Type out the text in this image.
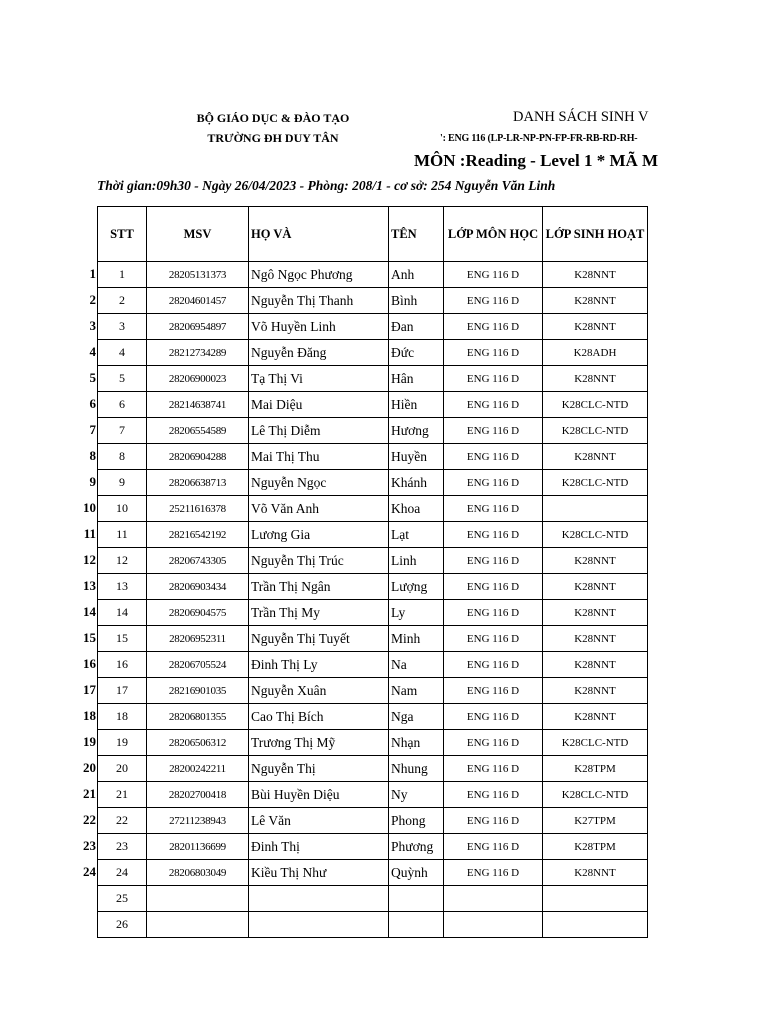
BỘ GIÁO DỤC & ĐÀO TẠO
TRƯỜNG ĐH DUY TÂN
DANH SÁCH SINH V
': ENG 116 (LP-LR-NP-PN-FP-FR-RB-RD-RH-
MÔN :Reading - Level 1 * MÃ M
Thời gian:09h30 - Ngày 26/04/2023 - Phòng: 208/1 - cơ sở: 254 Nguyễn Văn Linh
1
2
3
4
5
6
7
8
9
10
11
12
13
14
15
16
17
18
19
20
21
22
23
24
STT	MSV	HỌ VÀ	TÊN	LỚP MÔN HỌC	LỚP SINH HOẠT
1	28205131373	Ngô Ngọc Phương	Anh	ENG 116 D	K28NNT
2	28204601457	Nguyễn Thị Thanh	Bình	ENG 116 D	K28NNT
3	28206954897	Võ Huyền Linh	Đan	ENG 116 D	K28NNT
4	28212734289	Nguyễn Đăng	Đức	ENG 116 D	K28ADH
5	28206900023	Tạ Thị Vi	Hân	ENG 116 D	K28NNT
6	28214638741	Mai Diệu	Hiền	ENG 116 D	K28CLC-NTD
7	28206554589	Lê Thị Diễm	Hương	ENG 116 D	K28CLC-NTD
8	28206904288	Mai Thị Thu	Huyền	ENG 116 D	K28NNT
9	28206638713	Nguyễn Ngọc	Khánh	ENG 116 D	K28CLC-NTD
10	25211616378	Võ Văn Anh	Khoa	ENG 116 D	
11	28216542192	Lương Gia	Lạt	ENG 116 D	K28CLC-NTD
12	28206743305	Nguyễn Thị Trúc	Linh	ENG 116 D	K28NNT
13	28206903434	Trần Thị Ngân	Lượng	ENG 116 D	K28NNT
14	28206904575	Trần Thị My	Ly	ENG 116 D	K28NNT
15	28206952311	Nguyễn Thị Tuyết	Minh	ENG 116 D	K28NNT
16	28206705524	Đinh Thị Ly	Na	ENG 116 D	K28NNT
17	28216901035	Nguyễn Xuân	Nam	ENG 116 D	K28NNT
18	28206801355	Cao Thị Bích	Nga	ENG 116 D	K28NNT
19	28206506312	Trương Thị Mỹ	Nhạn	ENG 116 D	K28CLC-NTD
20	28200242211	Nguyễn Thị	Nhung	ENG 116 D	K28TPM
21	28202700418	Bùi Huyền Diệu	Ny	ENG 116 D	K28CLC-NTD
22	27211238943	Lê Văn	Phong	ENG 116 D	K27TPM
23	28201136699	Đinh Thị	Phương	ENG 116 D	K28TPM
24	28206803049	Kiều Thị Như	Quỳnh	ENG 116 D	K28NNT
25					
26					
